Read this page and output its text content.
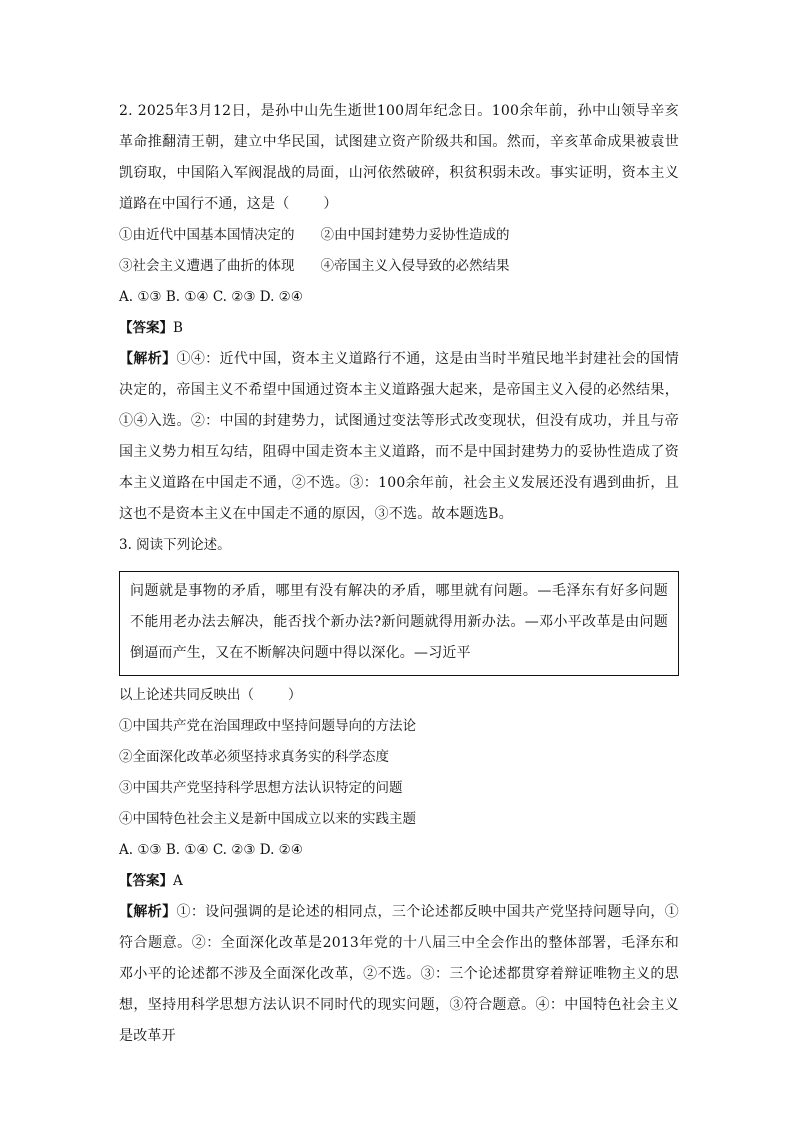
2. 2025年3月12日，是孙中山先生逝世100周年纪念日。100余年前，孙中山领导辛亥革命推翻清王朝，建立中华民国，试图建立资产阶级共和国。然而，辛亥革命成果被袁世凯窃取，中国陷入军阀混战的局面，山河依然破碎，积贫积弱未改。事实证明，资本主义道路在中国行不通，这是（ ）

①由近代中国基本国情决定的 ②由中国封建势力妥协性造成的
③社会主义遭遇了曲折的体现 ④帝国主义入侵导致的必然结果

A. ①③ B. ①④ C. ②③ D. ②④

【答案】B

【解析】①④：近代中国，资本主义道路行不通，这是由当时半殖民地半封建社会的国情决定的，帝国主义不希望中国通过资本主义道路强大起来，是帝国主义入侵的必然结果，①④入选。②：中国的封建势力，试图通过变法等形式改变现状，但没有成功，并且与帝国主义势力相互勾结，阻碍中国走资本主义道路，而不是中国封建势力的妥协性造成了资本主义道路在中国走不通，②不选。③：100余年前，社会主义发展还没有遇到曲折，且这也不是资本主义在中国走不通的原因，③不选。故本题选B。

3. 阅读下列论述。

问题就是事物的矛盾，哪里有没有解决的矛盾，哪里就有问题。—毛泽东有好多问题不能用老办法去解决，能否找个新办法?新问题就得用新办法。—邓小平改革是由问题倒逼而产生，又在不断解决问题中得以深化。—习近平

以上论述共同反映出（	）

①中国共产党在治国理政中坚持问题导向的方法论

②全面深化改革必须坚持求真务实的科学态度

③中国共产党坚持科学思想方法认识特定的问题

④中国特色社会主义是新中国成立以来的实践主题

A. ①③ B. ①④ C. ②③ D. ②④

【答案】A

【解析】①：设问强调的是论述的相同点，三个论述都反映中国共产党坚持问题导向，①符合题意。②：全面深化改革是2013年党的十八届三中全会作出的整体部署，毛泽东和邓小平的论述都不涉及全面深化改革，②不选。③：三个论述都贯穿着辩证唯物主义的思想，坚持用科学思想方法认识不同时代的现实问题，③符合题意。④：中国特色社会主义是改革开
